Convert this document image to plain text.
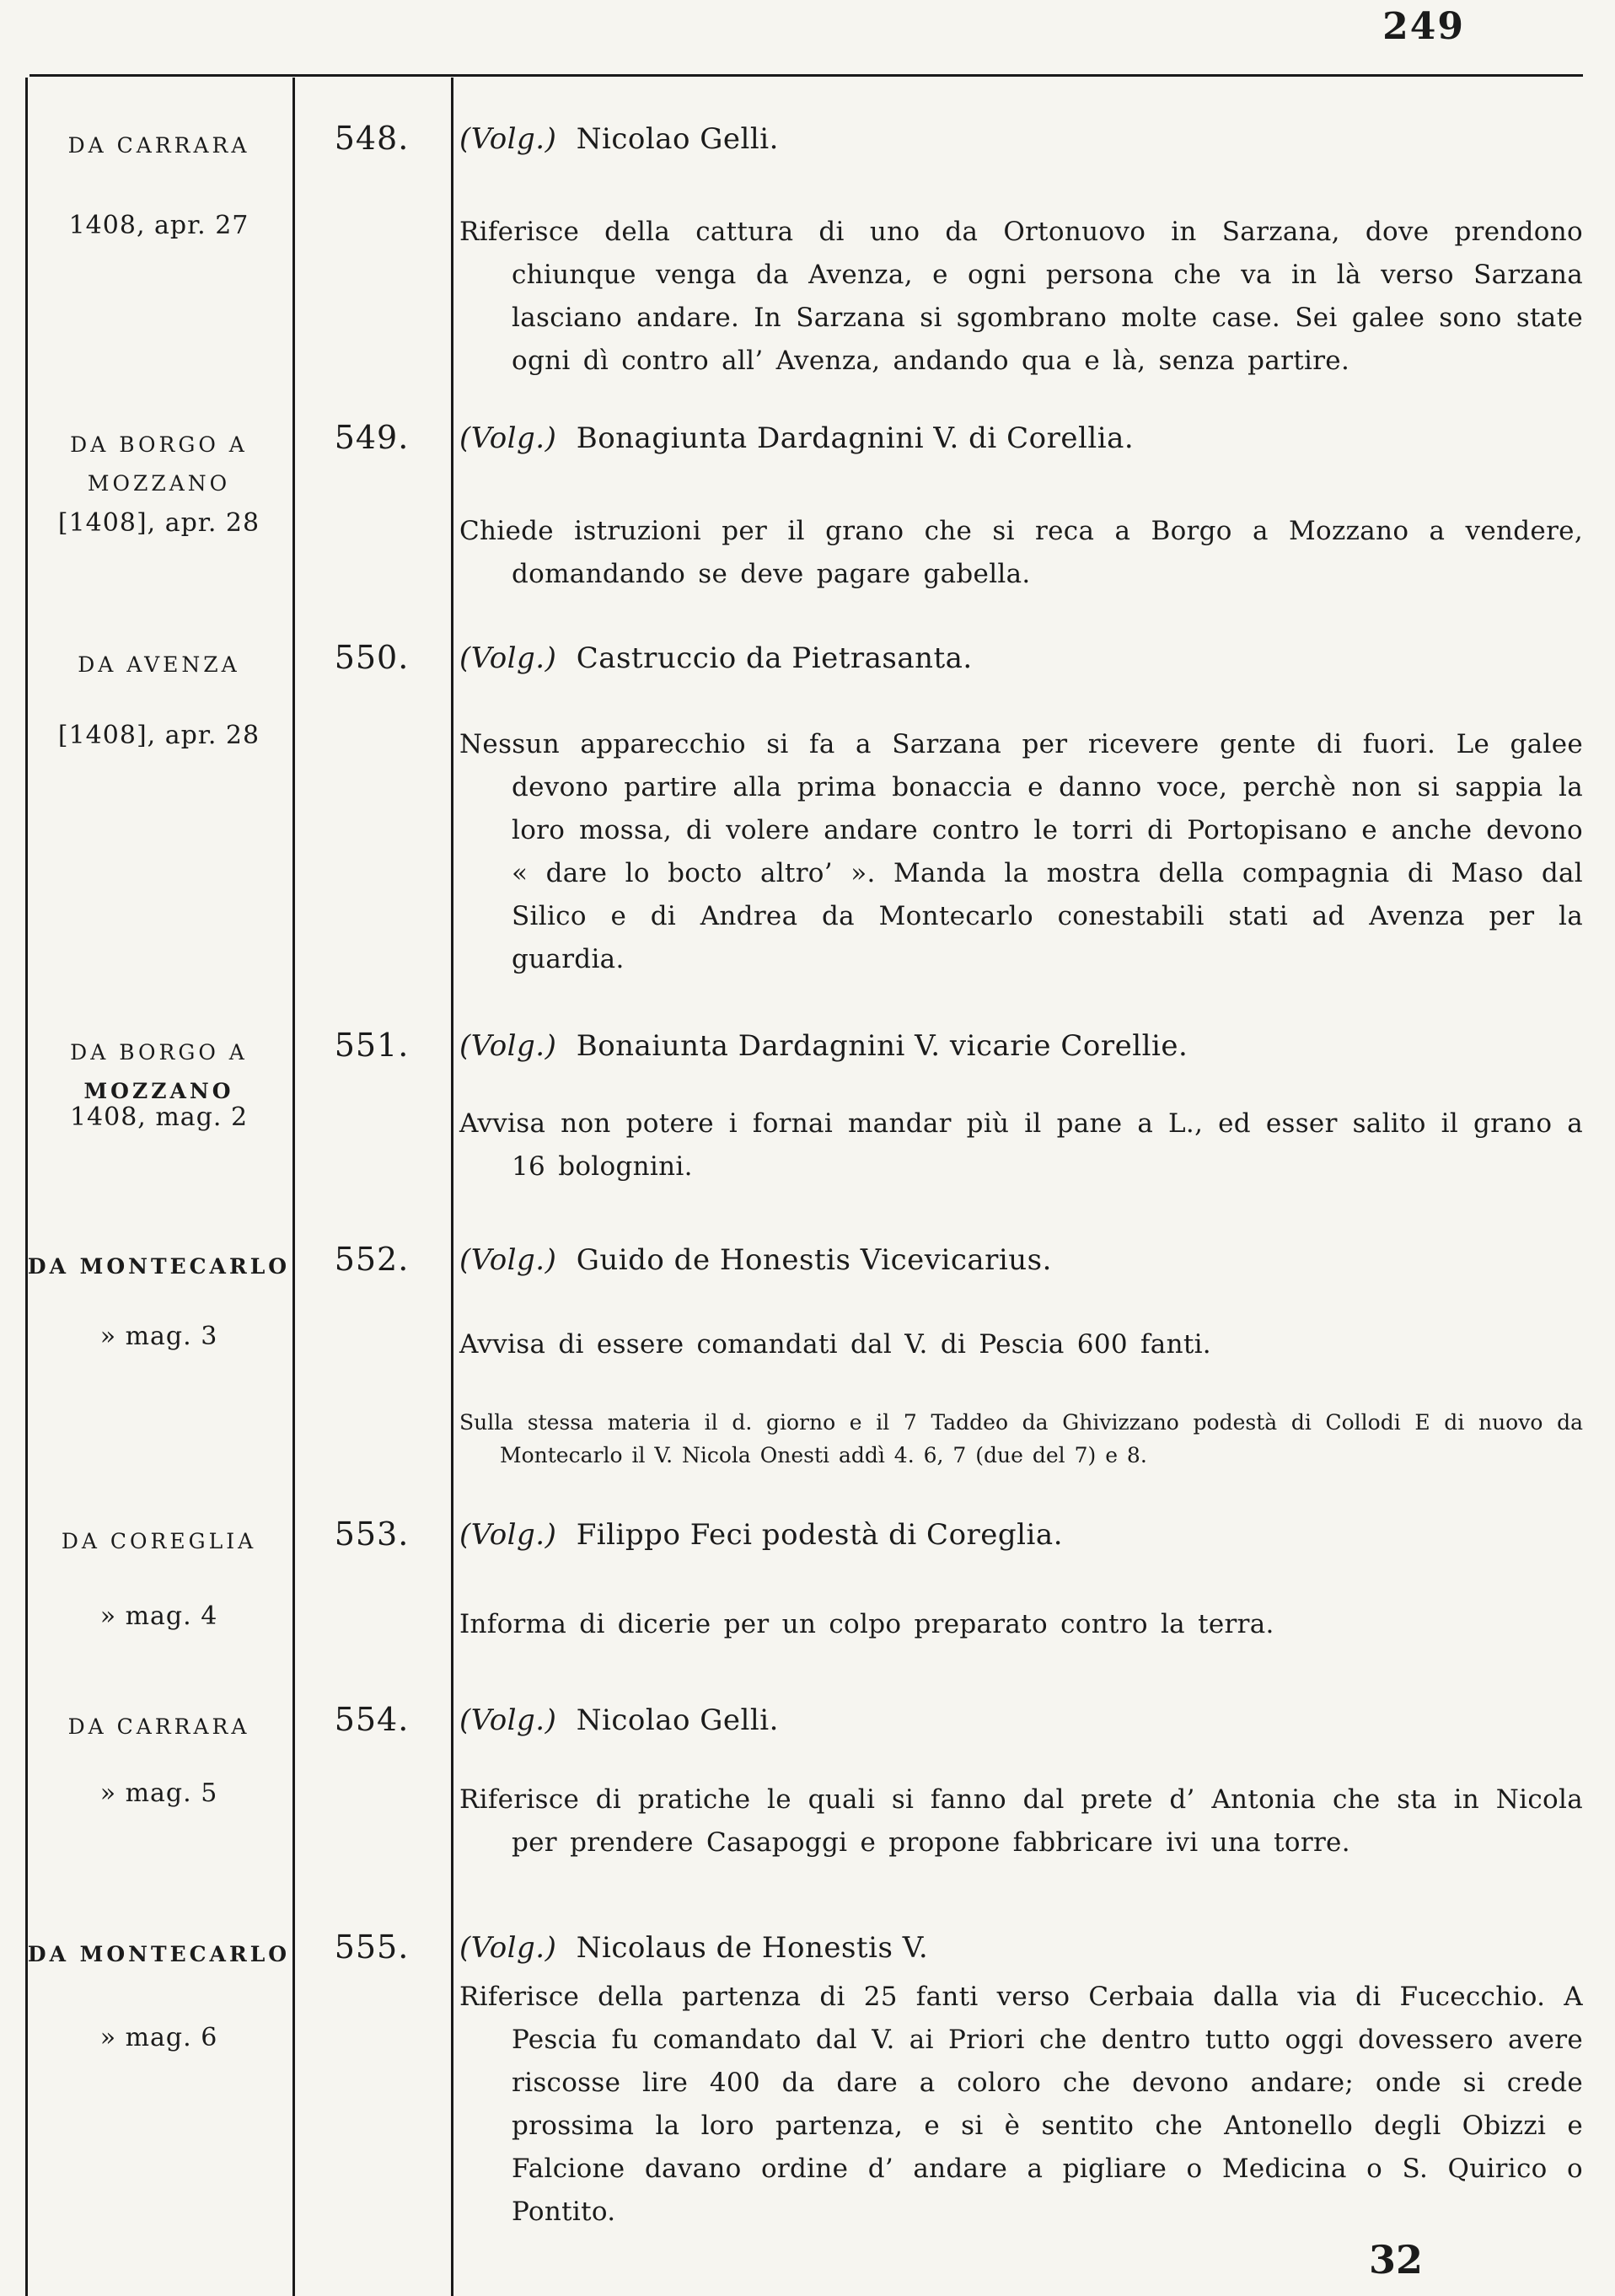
249
DA CARRARA	548.	(Volg.) Nicolao Gelli.
1408, apr. 27	Riferisce della cattura di uno da Ortonuovo in Sarzana, dove prendono chiunque venga da Avenza, e ogni persona che va in là verso Sarzana lasciano andare. In Sarzana si sgombrano molte case. Sei galee sono state ogni dì contro all’ Avenza, andando qua e là, senza partire.
DA BORGO A
MOZZANO
549.	(Volg.) Bonagiunta Dardagnini V. di Corellia.
[1408], apr. 28	Chiede istruzioni per il grano che si reca a Borgo a Mozzano a vendere, domandando se deve pagare gabella.
DA AVENZA	550.	(Volg.) Castruccio da Pietrasanta.
[1408], apr. 28	Nessun apparecchio si fa a Sarzana per ricevere gente di fuori. Le galee devono partire alla prima bonaccia e danno voce, perchè non si sappia la loro mossa, di volere andare contro le torri di Portopisano e anche devono « dare lo bocto altro’ ». Manda la mostra della compagnia di Maso dal Silico e di Andrea da Montecarlo conestabili stati ad Avenza per la guardia.
DA BORGO A
MOZZANO
551.	(Volg.) Bonaiunta Dardagnini V. vicarie Corellie.
1408, mag. 2	Avvisa non potere i fornai mandar più il pane a L., ed esser salito il grano a 16 bolognini.
DA MONTECARLO	552.	(Volg.) Guido de Honestis Vicevicarius.
» mag. 3	Avvisa di essere comandati dal V. di Pescia 600 fanti.
Sulla stessa materia il d. giorno e il 7 Taddeo da Ghivizzano podestà di Collodi E di nuovo da Montecarlo il V. Nicola Onesti addì 4. 6, 7 (due del 7) e 8.
DA COREGLIA	553.	(Volg.) Filippo Feci podestà di Coreglia.
» mag. 4	Informa di dicerie per un colpo preparato contro la terra.
DA CARRARA	554.	(Volg.) Nicolao Gelli.
» mag. 5	Riferisce di pratiche le quali si fanno dal prete d’ Antonia che sta in Nicola per prendere Casapoggi e propone fabbricare ivi una torre.
DA MONTECARLO	555.	(Volg.) Nicolaus de Honestis V.
» mag. 6
Riferisce della partenza di 25 fanti verso Cerbaia dalla via di Fucecchio. A Pescia fu comandato dal V. ai Priori che dentro tutto oggi dovessero avere riscosse lire 400 da dare a coloro che devono andare; onde si crede prossima la loro partenza, e si è sentito che Antonello degli Obizzi e Falcione davano ordine d’ andare a pigliare o Medicina o S. Quirico o Pontito.
32
